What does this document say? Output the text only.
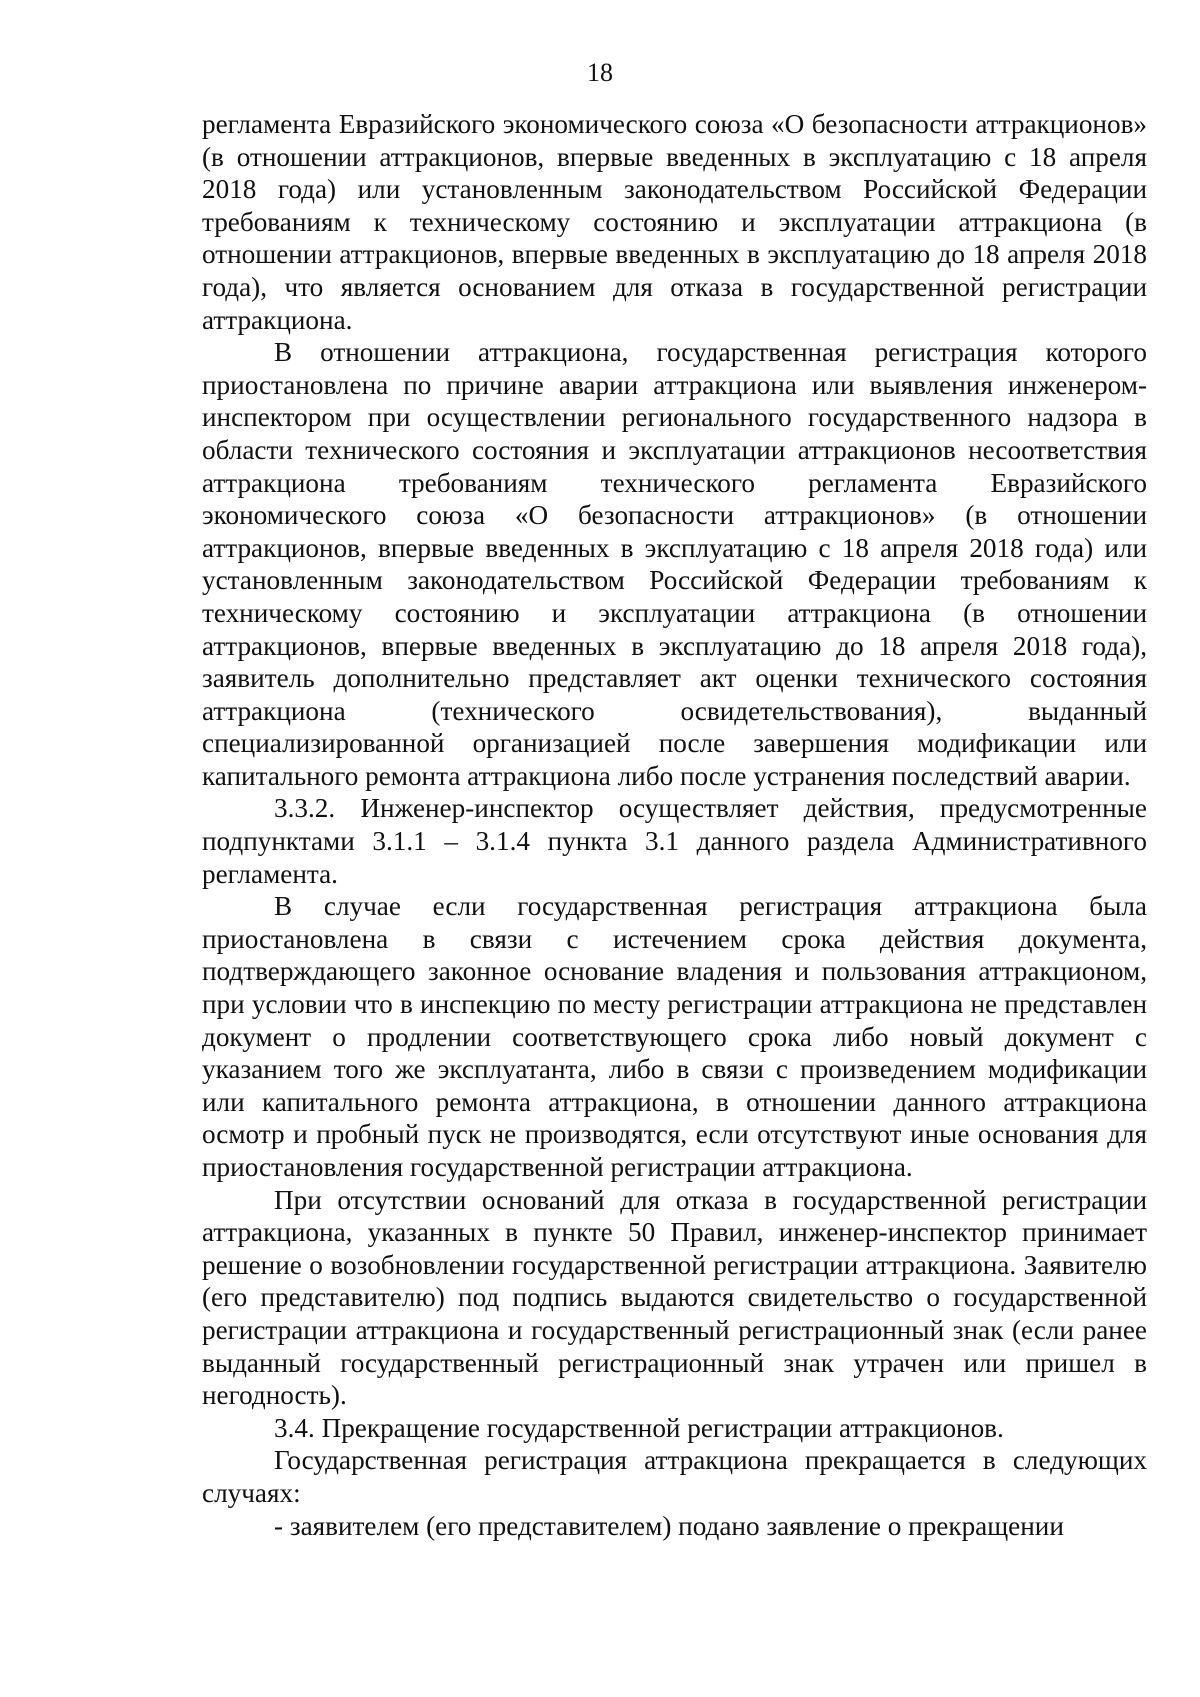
18

регламента Евразийского экономического союза «О безопасности аттракционов» (в отношении аттракционов, впервые введенных в эксплуатацию с 18 апреля 2018 года) или установленным законодательством Российской Федерации требованиям к техническому состоянию и эксплуатации аттракциона (в отношении аттракционов, впервые введенных в эксплуатацию до 18 апреля 2018 года), что является основанием для отказа в государственной регистрации аттракциона.

В отношении аттракциона, государственная регистрация которого приостановлена по причине аварии аттракциона или выявления инженером-инспектором при осуществлении регионального государственного надзора в области технического состояния и эксплуатации аттракционов несоответствия аттракциона требованиям технического регламента Евразийского экономического союза «О безопасности аттракционов» (в отношении аттракционов, впервые введенных в эксплуатацию с 18 апреля 2018 года) или установленным законодательством Российской Федерации требованиям к техническому состоянию и эксплуатации аттракциона (в отношении аттракционов, впервые введенных в эксплуатацию до 18 апреля 2018 года), заявитель дополнительно представляет акт оценки технического состояния аттракциона (технического освидетельствования), выданный специализированной организацией после завершения модификации или капитального ремонта аттракциона либо после устранения последствий аварии.

3.3.2. Инженер-инспектор осуществляет действия, предусмотренные подпунктами 3.1.1 – 3.1.4 пункта 3.1 данного раздела Административного регламента.

В случае если государственная регистрация аттракциона была приостановлена в связи с истечением срока действия документа, подтверждающего законное основание владения и пользования аттракционом, при условии что в инспекцию по месту регистрации аттракциона не представлен документ о продлении соответствующего срока либо новый документ с указанием того же эксплуатанта, либо в связи с произведением модификации или капитального ремонта аттракциона, в отношении данного аттракциона осмотр и пробный пуск не производятся, если отсутствуют иные основания для приостановления государственной регистрации аттракциона.

При отсутствии оснований для отказа в государственной регистрации аттракциона, указанных в пункте 50 Правил, инженер-инспектор принимает решение о возобновлении государственной регистрации аттракциона. Заявителю (его представителю) под подпись выдаются свидетельство о государственной регистрации аттракциона и государственный регистрационный знак (если ранее выданный государственный регистрационный знак утрачен или пришел в негодность).

3.4. Прекращение государственной регистрации аттракционов.

Государственная регистрация аттракциона прекращается в следующих случаях:

- заявителем (его представителем) подано заявление о прекращении
